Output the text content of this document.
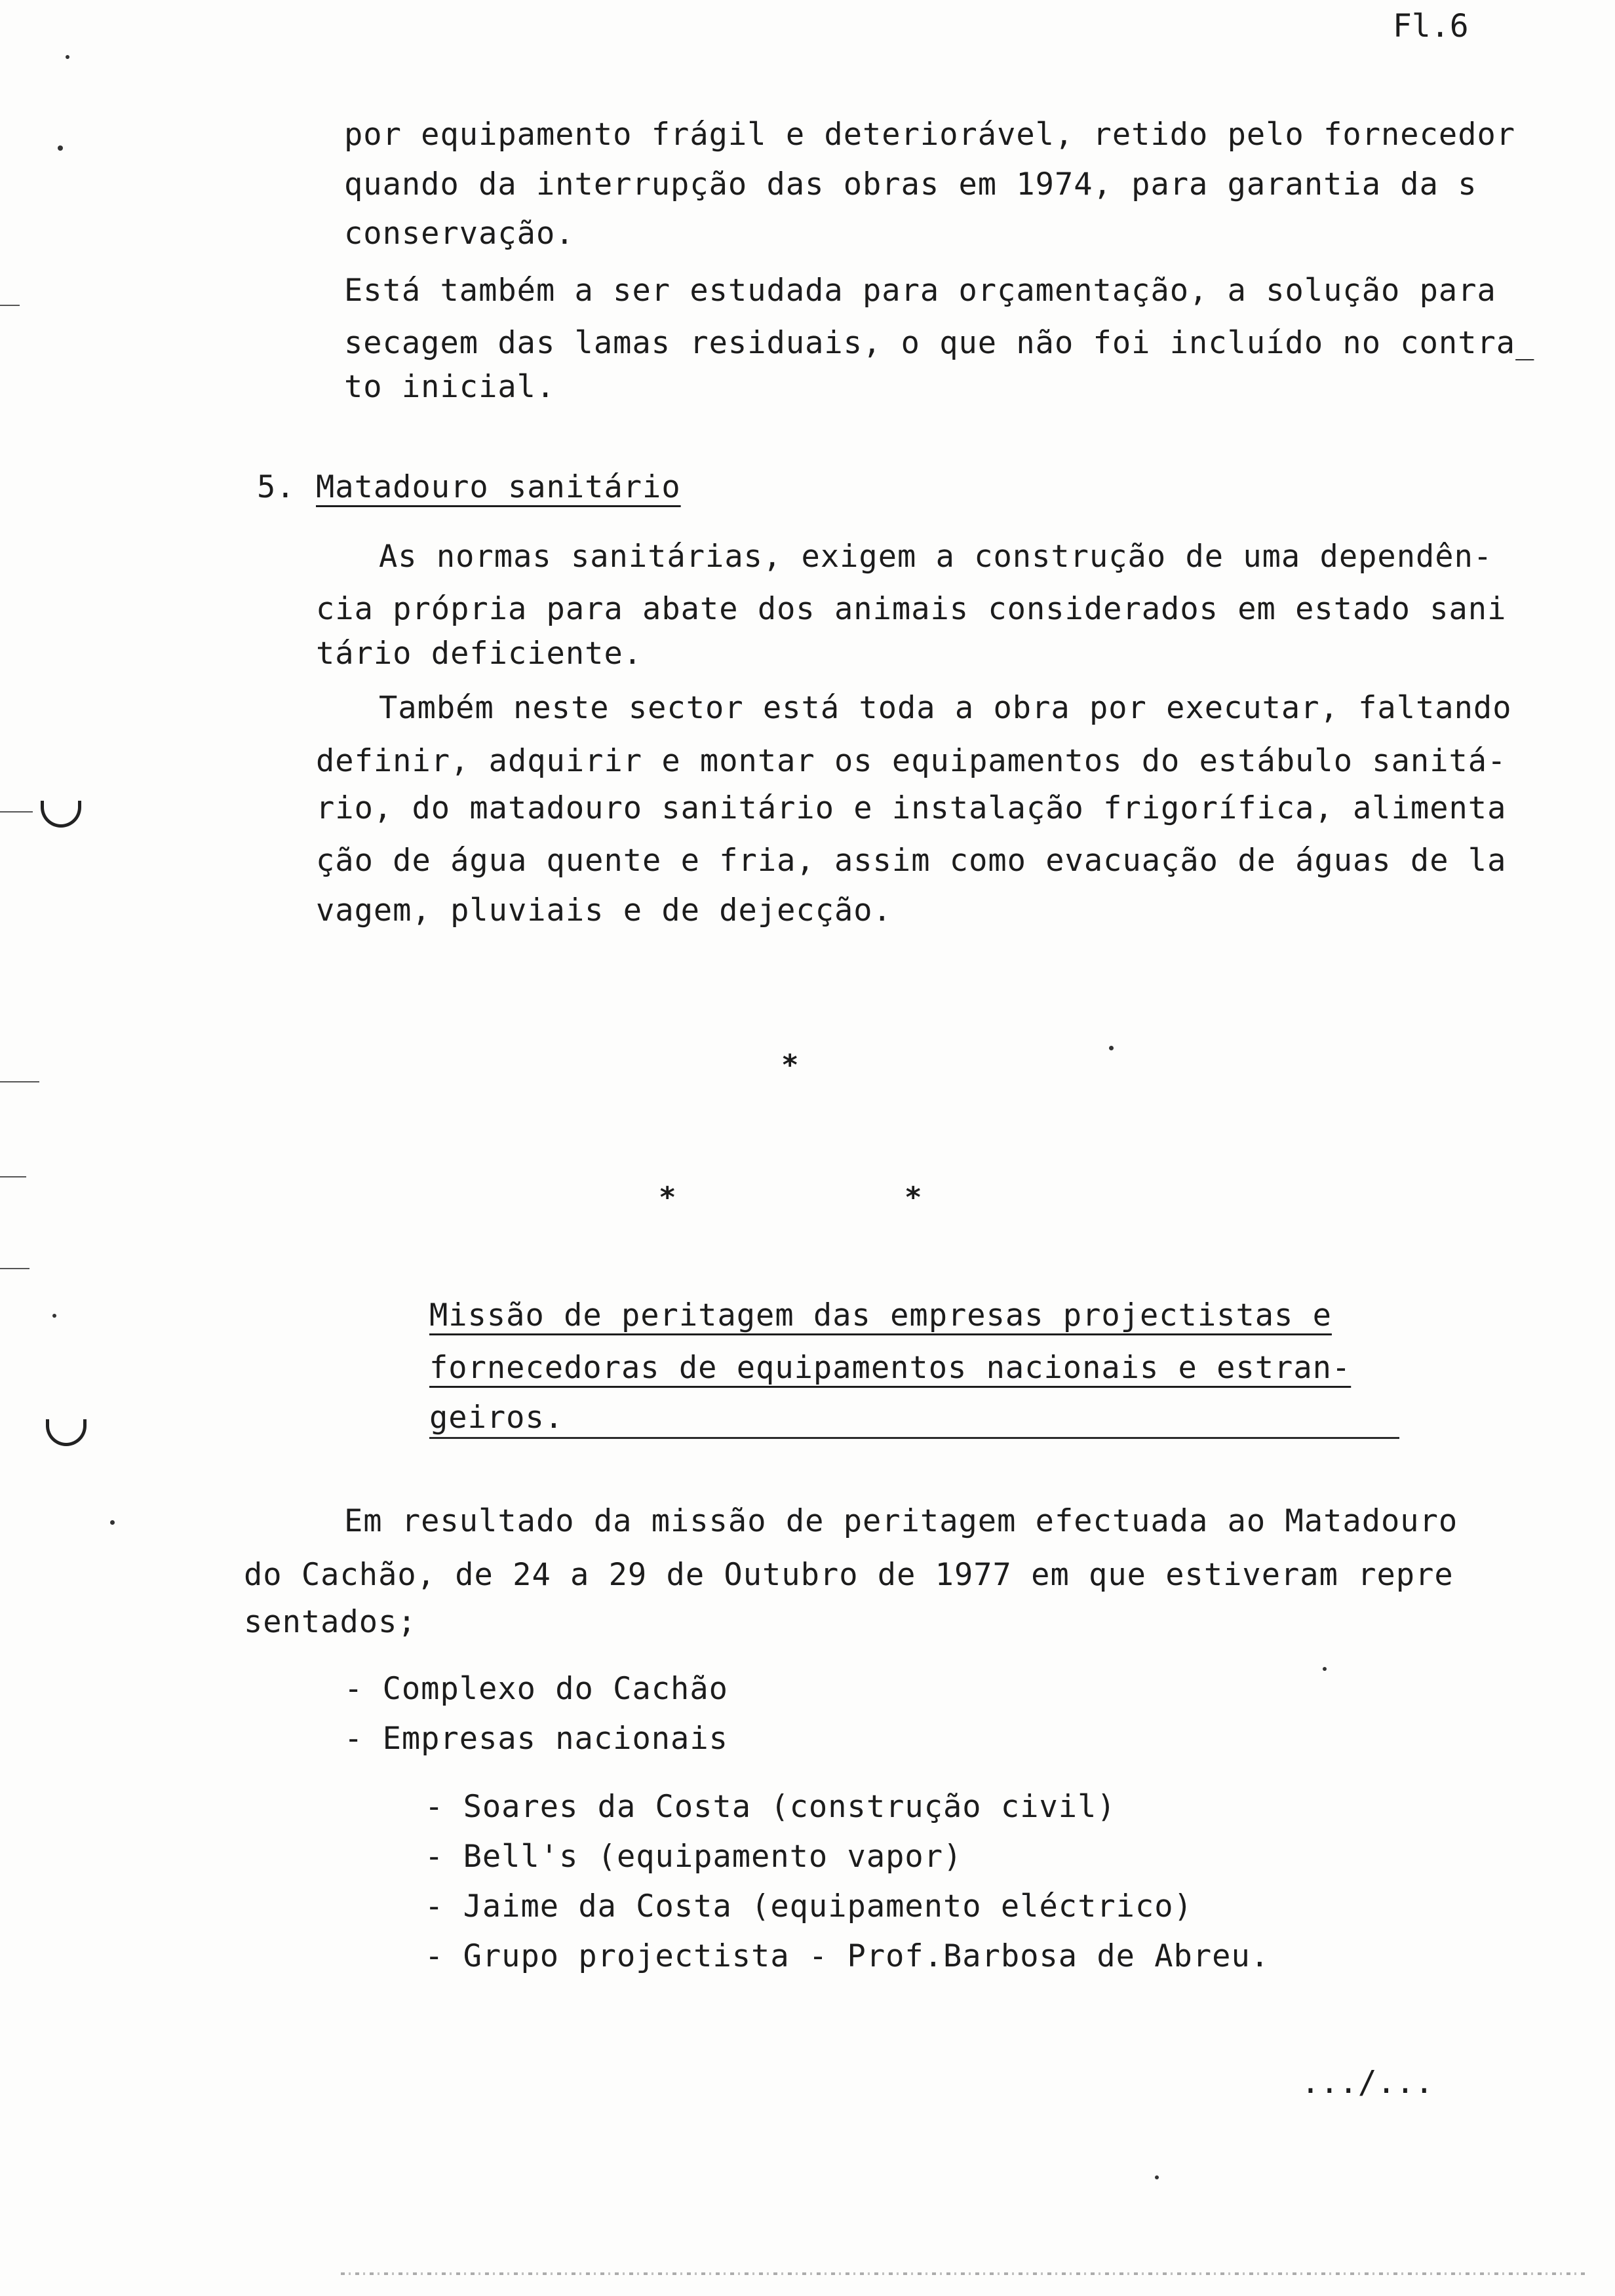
Fl.6
por equipamento frágil e deteriorável, retido pelo fornecedor
quando da interrupção das obras em 1974, para garantia da s
conservação.
Está também a ser estudada para orçamentação, a solução para
secagem das lamas residuais, o que não foi incluído no contra_
to inicial.
5. Matadouro sanitário
As normas sanitárias, exigem a construção de uma dependên-
cia própria para abate dos animais considerados em estado sani
tário deficiente.
Também neste sector está toda a obra por executar, faltando
definir, adquirir e montar os equipamentos do estábulo sanitá-
rio, do matadouro sanitário e instalação frigorífica, alimenta
ção de água quente e fria, assim como evacuação de águas de la
vagem, pluviais e de dejecção.
*
*	*
Missão de peritagem das empresas projectistas e
fornecedoras de equipamentos nacionais e estran-
geiros.
Em resultado da missão de peritagem efectuada ao Matadouro
do Cachão, de 24 a 29 de Outubro de 1977 em que estiveram repre
sentados;
- Complexo do Cachão
- Empresas nacionais
- Soares da Costa (construção civil)
- Bell's (equipamento vapor)
- Jaime da Costa (equipamento eléctrico)
- Grupo projectista - Prof.Barbosa de Abreu.
.../...
